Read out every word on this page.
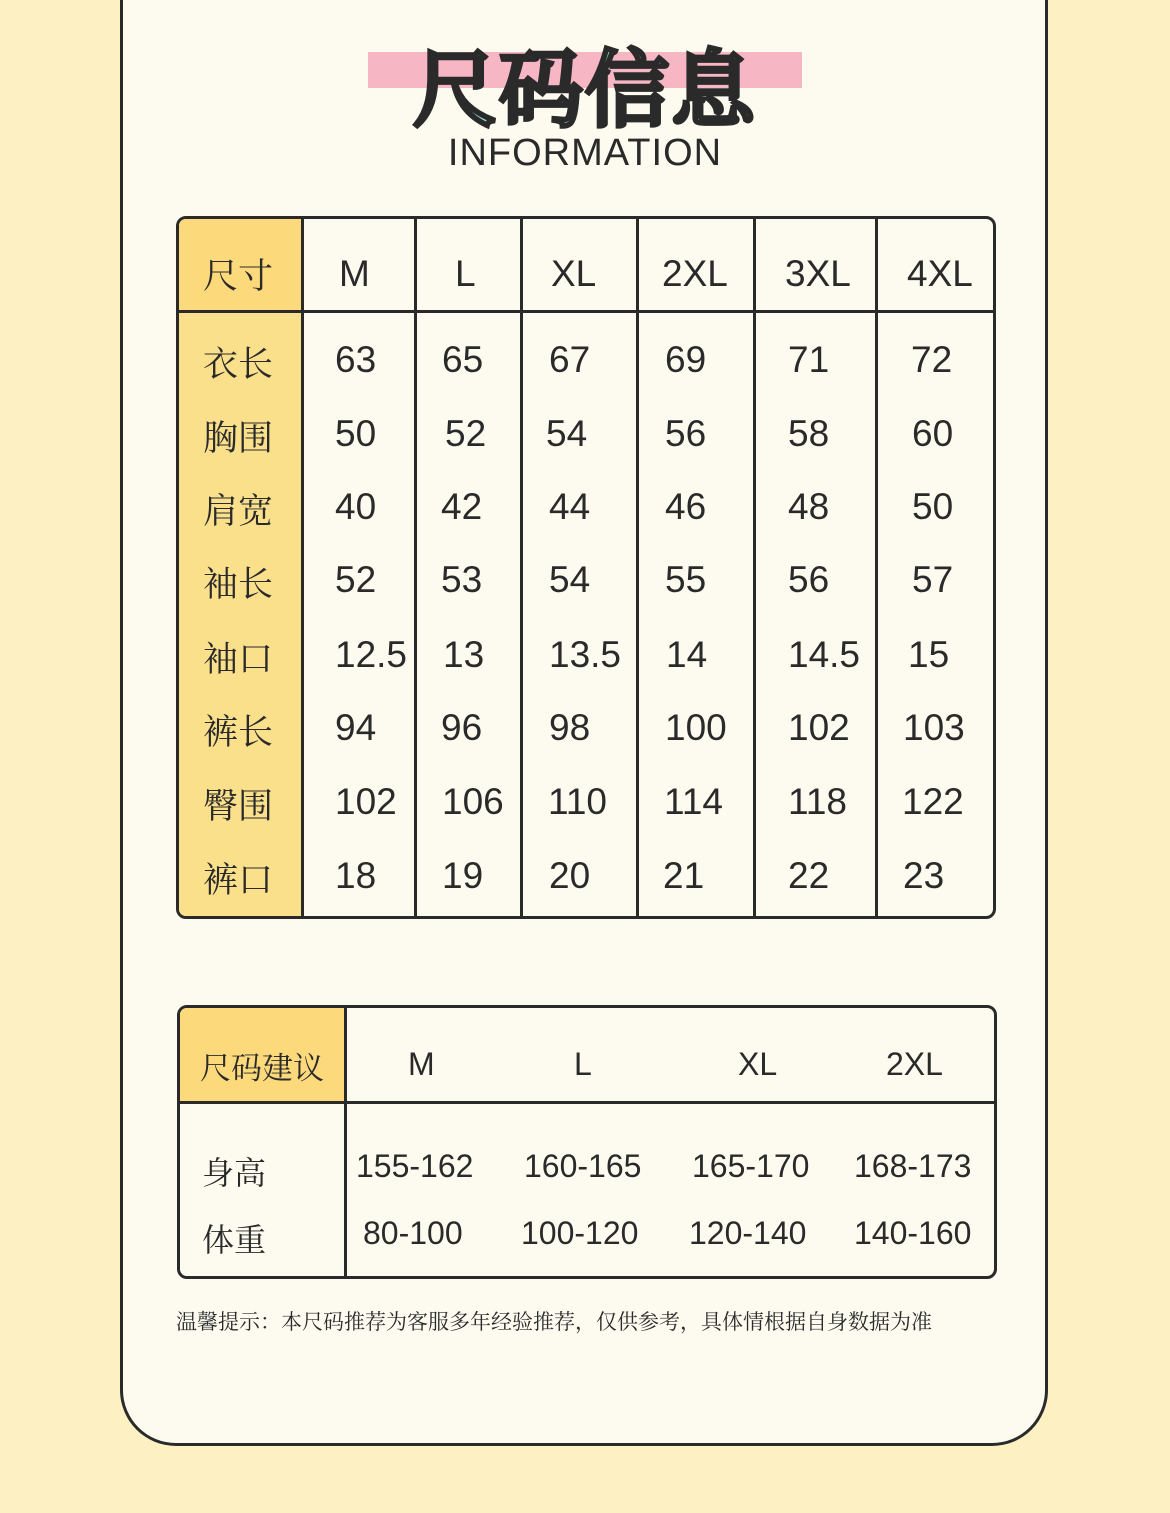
尺码信息
INFORMATION
尺寸 M L XL 2XL 3XL 4XL
衣长 63 65 67 69 71 72
胸围 50 52 54 56 58 60
肩宽 40 42 44 46 48 50
袖长 52 53 54 55 56 57
袖口 12.5 13 13.5 14 14.5 15
裤长 94 96 98 100 102 103
臀围 102 106 110 114 118 122
裤口 18 19 20 21 22 23
尺码建议	M	L	XL	2XL
身高	155-162 160-165 165-170 168-173
体重	80-100 100-120 120-140 140-160
温馨提示：本尺码推荐为客服多年经验推荐，仅供参考，具体情根据自身数据为准
